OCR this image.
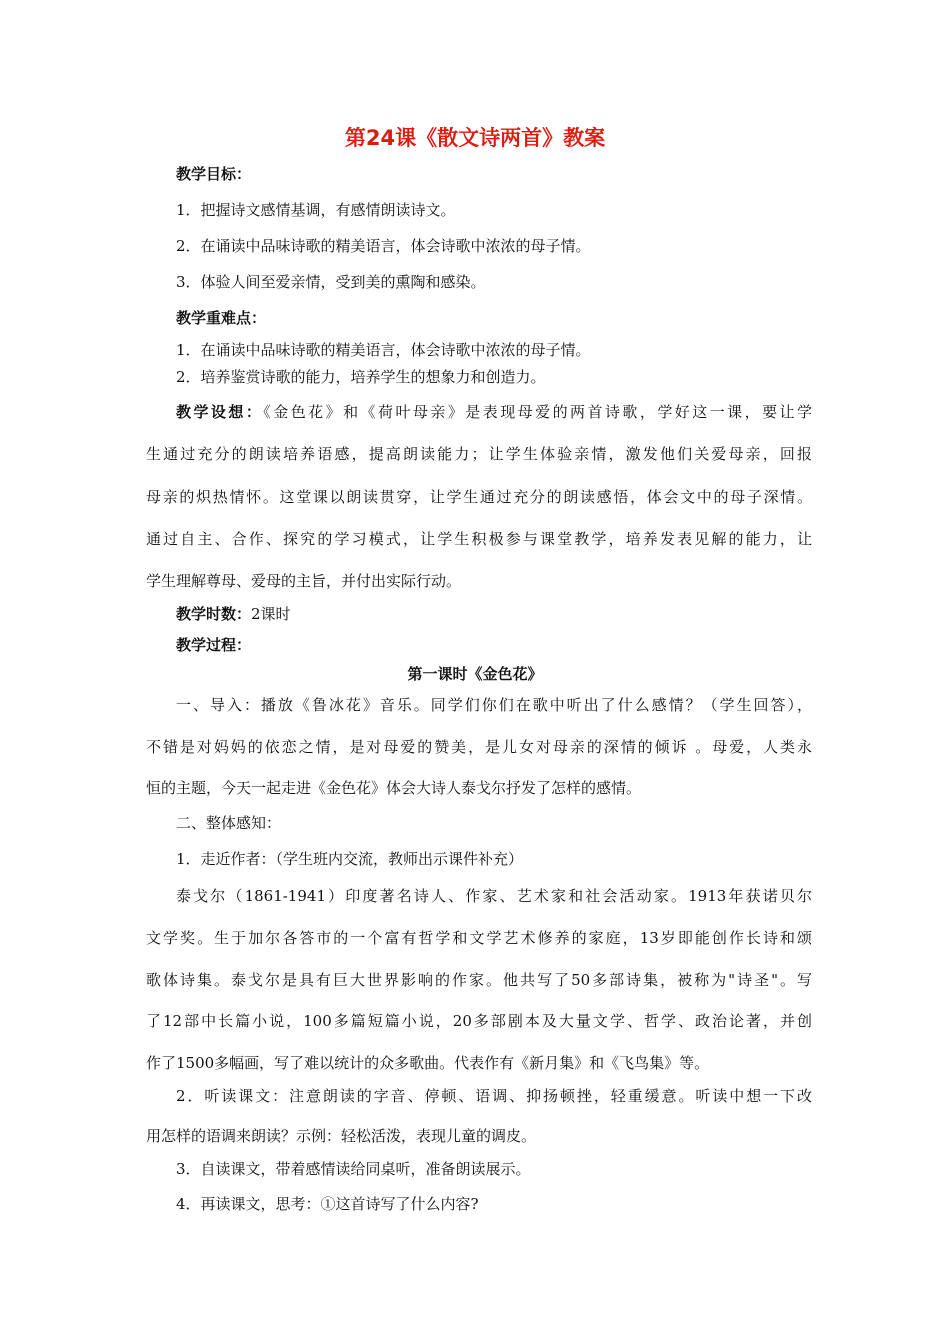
第24课《散文诗两首》教案
教学目标：
1．把握诗文感情基调，有感情朗读诗文。
2．在诵读中品味诗歌的精美语言，体会诗歌中浓浓的母子情。
3．体验人间至爱亲情，受到美的熏陶和感染。
教学重难点：
1．在诵读中品味诗歌的精美语言，体会诗歌中浓浓的母子情。
2．培养鉴赏诗歌的能力，培养学生的想象力和创造力。
教学设想：《金色花》和《荷叶母亲》是表现母爱的两首诗歌，学好这一课，要让学
生通过充分的朗读培养语感，提高朗读能力；让学生体验亲情，激发他们关爱母亲，回报
母亲的炽热情怀。这堂课以朗读贯穿，让学生通过充分的朗读感悟，体会文中的母子深情。
通过自主、合作、探究的学习模式，让学生积极参与课堂教学，培养发表见解的能力，让
学生理解尊母、爱母的主旨，并付出实际行动。
教学时数：2课时
教学过程：
第一课时《金色花》
一、导入：播放《鲁冰花》音乐。同学们你们在歌中听出了什么感情？（学生回答），
不错是对妈妈的依恋之情，是对母爱的赞美，是儿女对母亲的深情的倾诉 。母爱，人类永
恒的主题，今天一起走进《金色花》体会大诗人泰戈尔抒发了怎样的感情。
二、整体感知：
1．走近作者：（学生班内交流，教师出示课件补充）
泰戈尔（1861-1941）印度著名诗人、作家、艺术家和社会活动家。1913年获诺贝尔
文学奖。生于加尔各答市的一个富有哲学和文学艺术修养的家庭，13岁即能创作长诗和颂
歌体诗集。泰戈尔是具有巨大世界影响的作家。他共写了50多部诗集，被称为"诗圣"。写
了12部中长篇小说，100多篇短篇小说，20多部剧本及大量文学、哲学、政治论著，并创
作了1500多幅画，写了难以统计的众多歌曲。代表作有《新月集》和《飞鸟集》等。
2．听读课文：注意朗读的字音、停顿、语调、抑扬顿挫，轻重缓意。听读中想一下改
用怎样的语调来朗读？示例：轻松活泼，表现儿童的调皮。
3．自读课文，带着感情读给同桌听，准备朗读展示。
4．再读课文，思考：①这首诗写了什么内容?
